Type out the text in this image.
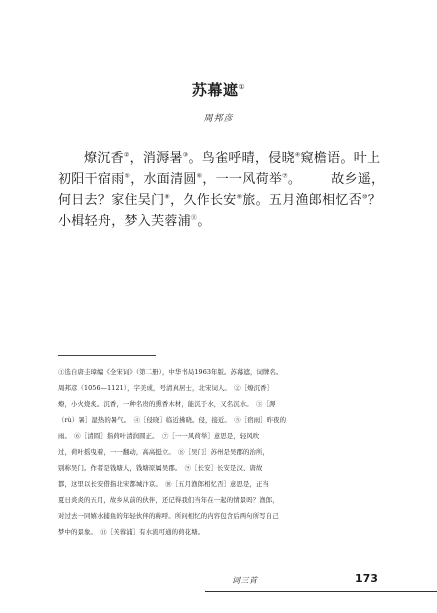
苏幕遮①
周邦彦
燎沉香②，消溽暑③。鸟雀呼晴，侵晓④窥檐语。叶上
初阳干宿雨⑤，水面清圆⑥，一一风荷举⑦。 故乡遥，
何日去？家住吴门⑧，久作长安⑨旅。五月渔郎相忆否⑩？
小楫轻舟，梦入芙蓉浦⑪。
①选自唐圭璋编《全宋词》（第二册），中华书局1963年版。苏幕遮，词牌名。
周邦彦（1056—1121），字美成，号清真居士，北宋词人。　②［燎沉香］
燎，小火烧炙。沉香，一种名贵的熏香木材，能沉于水，又名沉水。　③［溽
（rù）暑］湿热的暑气。　④［侵晓］临近拂晓。侵，接近。　⑤［宿雨］昨夜的
雨。　⑥［清圆］指荷叶清润圆正。　⑦［一一风荷举］意思是，轻风吹
过，荷叶摇曳着，一一翻动，高高挺立。　⑧［吴门］苏州是吴郡的治所，
别称吴门。作者是钱塘人，钱塘原属吴郡。　⑨［长安］长安是汉、唐故
都，这里以长安借指北宋都城汴京。　⑩［五月渔郎相忆否］意思是，正当
夏日炎炎的五月，故乡从前的伙伴，还记得我们当年在一起的情景吗？渔郎，
对过去一同嬉水捕鱼的年轻伙伴的称呼。所问相忆的内容包含后两句所写自己
梦中的景象。　⑪［芙蓉浦］有水流可通的荷花塘。
词三首	173
